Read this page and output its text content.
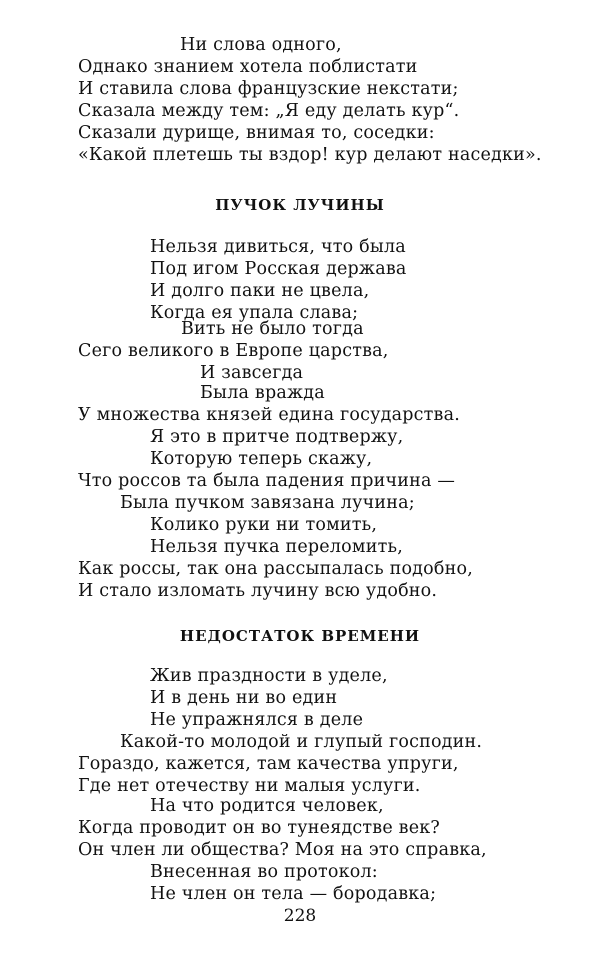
Ни слова одного,
Однако знанием хотела поблистати
И ставила слова французские некстати;
Сказала между тем: „Я еду делать кур“.
Сказали дурище, внимая то, соседки:
«Какой плетешь ты вздор! кур делают наседки».
ПУЧОК ЛУЧИНЫ
Нельзя дивиться, что была
Под игом Росская держава
И долго паки не цвела,
Когда ея упала слава;
Вить не было тогда
Сего великого в Европе царства,
И завсегда
Была вражда
У множества князей едина государства.
Я это в притче подтвержу,
Которую теперь скажу,
Что россов та была падения причина —
Была пучком завязана лучина;
Колико руки ни томить,
Нельзя пучка переломить,
Как россы, так она рассыпалась подобно,
И стало изломать лучину всю удобно.
НЕДОСТАТОК ВРЕМЕНИ
Жив праздности в уделе,
И в день ни во един
Не упражнялся в деле
Какой-то молодой и глупый господин.
Гораздо, кажется, там качества упруги,
Где нет отечеству ни малыя услуги.
На что родится человек,
Когда проводит он во тунеядстве век?
Он член ли общества? Моя на это справка,
Внесенная во протокол:
Не член он тела — бородавка;
228
